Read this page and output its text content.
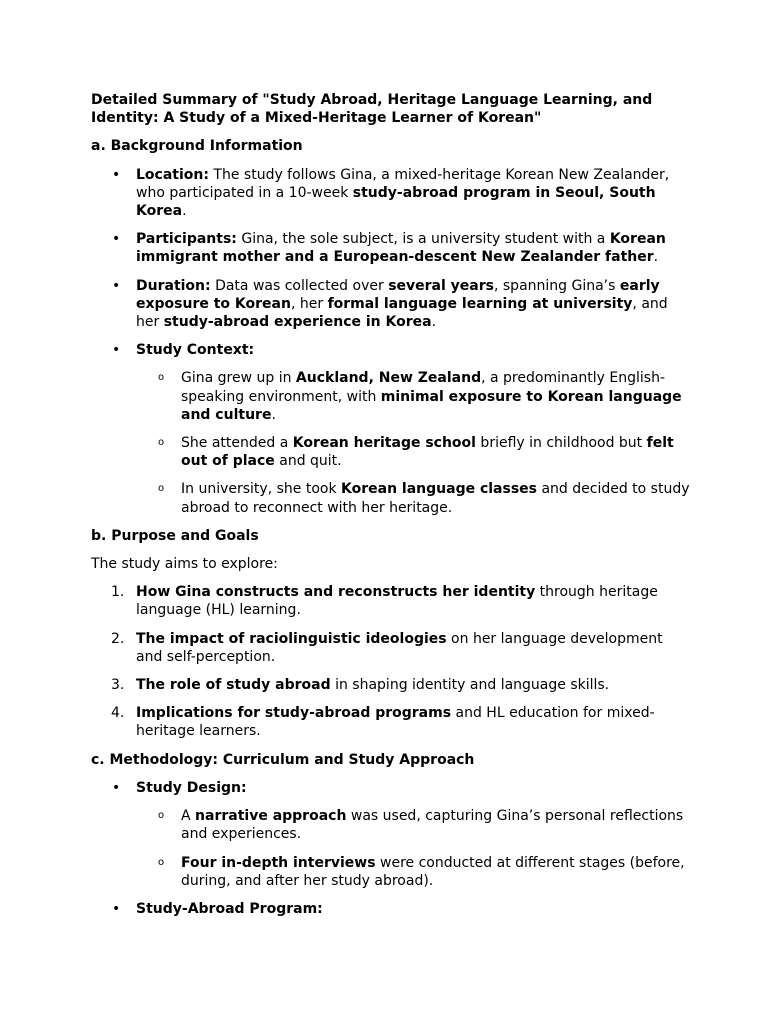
Detailed Summary of "Study Abroad, Heritage Language Learning, and Identity: A Study of a Mixed-Heritage Learner of Korean"

a. Background Information

• Location: The study follows Gina, a mixed-heritage Korean New Zealander, who participated in a 10-week study-abroad program in Seoul, South Korea.
• Participants: Gina, the sole subject, is a university student with a Korean immigrant mother and a European-descent New Zealander father.
• Duration: Data was collected over several years, spanning Gina’s early exposure to Korean, her formal language learning at university, and her study-abroad experience in Korea.
• Study Context:
o Gina grew up in Auckland, New Zealand, a predominantly English-speaking environment, with minimal exposure to Korean language and culture.
o She attended a Korean heritage school briefly in childhood but felt out of place and quit.
o In university, she took Korean language classes and decided to study abroad to reconnect with her heritage.

b. Purpose and Goals

The study aims to explore:

1. How Gina constructs and reconstructs her identity through heritage language (HL) learning.
2. The impact of raciolinguistic ideologies on her language development and self-perception.
3. The role of study abroad in shaping identity and language skills.
4. Implications for study-abroad programs and HL education for mixed-heritage learners.

c. Methodology: Curriculum and Study Approach

• Study Design:
o A narrative approach was used, capturing Gina’s personal reflections and experiences.
o Four in-depth interviews were conducted at different stages (before, during, and after her study abroad).
• Study-Abroad Program:
